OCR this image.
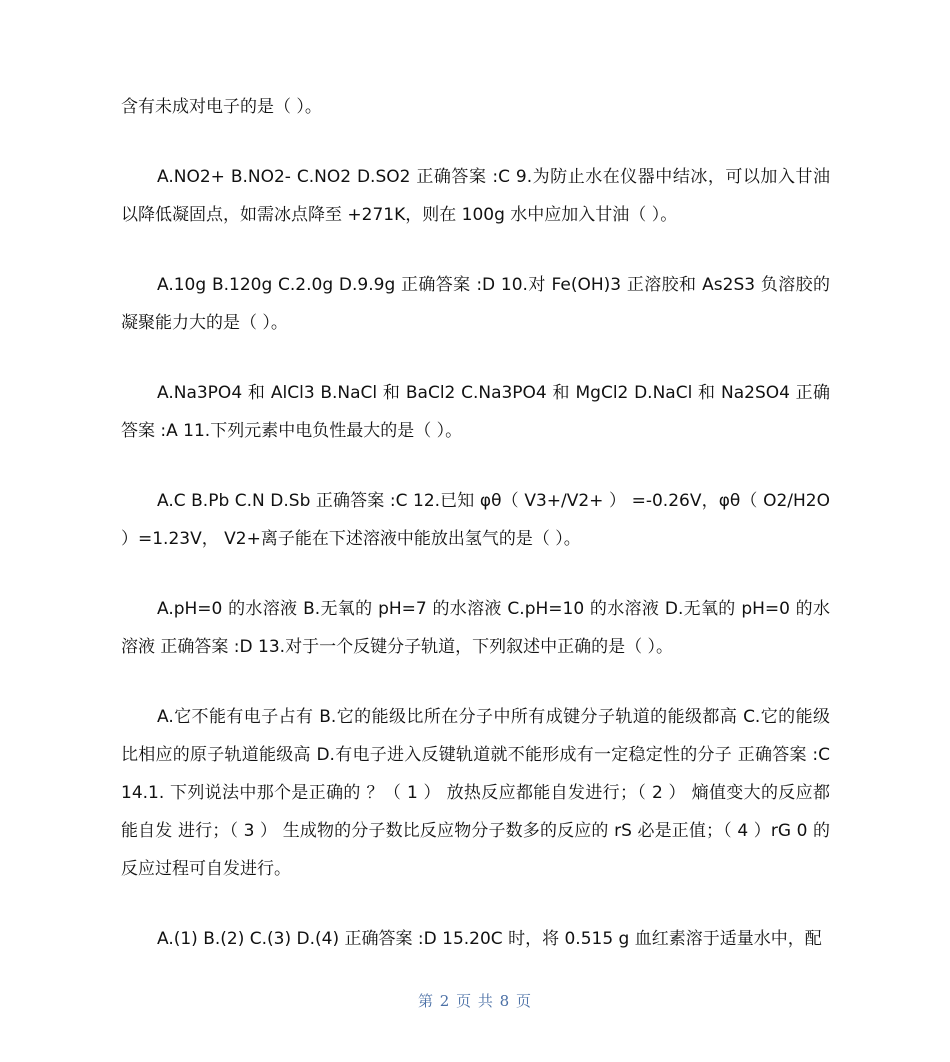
含有未成对电子的是（ ）。

A.NO2+ B.NO2- C.NO2 D.SO2 正确答案 :C 9.为防止水在仪器中结冰，可以加入甘油以降低凝固点，如需冰点降至 +271K，则在 100g 水中应加入甘油（ ）。

A.10g B.120g C.2.0g D.9.9g 正确答案 :D 10.对 Fe(OH)3 正溶胶和 As2S3 负溶胶的凝聚能力大的是（ ）。

A.Na3PO4 和 AlCl3 B.NaCl 和 BaCl2 C.Na3PO4 和 MgCl2 D.NaCl 和 Na2SO4 正确答案 :A 11.下列元素中电负性最大的是（ ）。

A.C B.Pb C.N D.Sb 正确答案 :C 12.已知 φθ（ V3+/V2+ ） =-0.26V，φθ（ O2/H2O ）=1.23V， V2+离子能在下述溶液中能放出氢气的是（ ）。

A.pH=0 的水溶液 B.无氧的 pH=7 的水溶液 C.pH=10 的水溶液 D.无氧的 pH=0 的水溶液 正确答案 :D 13.对于一个反键分子轨道，下列叙述中正确的是（ ）。

A.它不能有电子占有 B.它的能级比所在分子中所有成键分子轨道的能级都高 C.它的能级比相应的原子轨道能级高 D.有电子进入反键轨道就不能形成有一定稳定性的分子 正确答案 :C 14.1. 下列说法中那个是正确的 ？（ 1 ） 放热反应都能自发进行；（ 2 ） 熵值变大的反应都能自发 进行；（ 3 ） 生成物的分子数比反应物分子数多的反应的 rS 必是正值；（ 4 ）rG 0 的反应过程可自发进行。

A.(1) B.(2) C.(3) D.(4) 正确答案 :D 15.20C 时，将 0.515 g 血红素溶于适量水中，配

第 2 页 共 8 页
